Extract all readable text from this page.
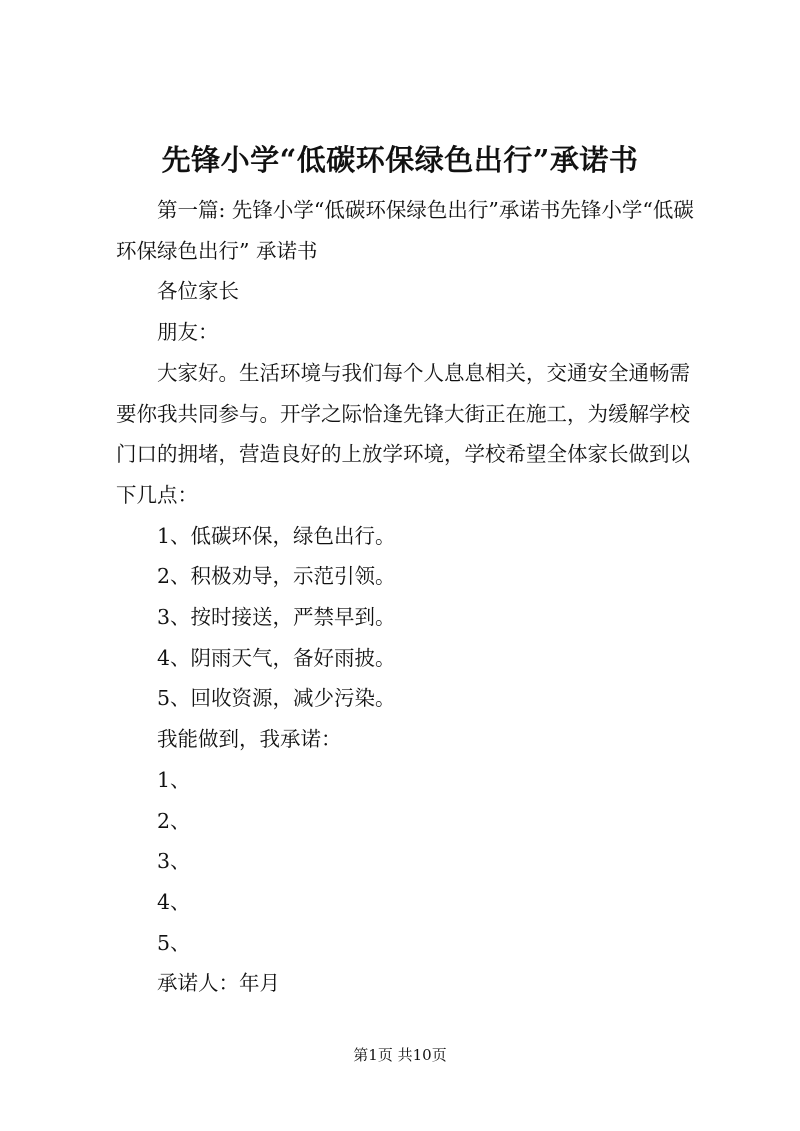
先锋小学“低碳环保绿色出行”承诺书

第一篇: 先锋小学“低碳环保绿色出行”承诺书先锋小学“低碳环保绿色出行” 承诺书

各位家长

朋友：

大家好。生活环境与我们每个人息息相关，交通安全通畅需要你我共同参与。开学之际恰逢先锋大街正在施工，为缓解学校门口的拥堵，营造良好的上放学环境，学校希望全体家长做到以下几点：

1、低碳环保，绿色出行。

2、积极劝导，示范引领。

3、按时接送，严禁早到。

4、阴雨天气，备好雨披。

5、回收资源，减少污染。

我能做到，我承诺：

1、

2、

3、

4、

5、

承诺人：年月

第1页 共10页
